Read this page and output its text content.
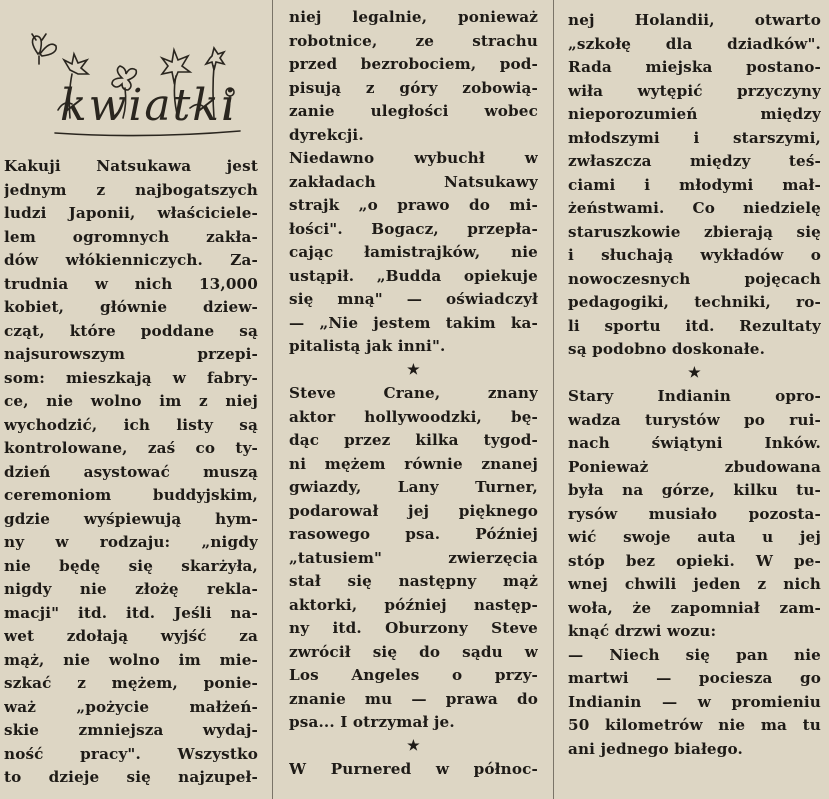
kwiatki
Kakuji Natsukawa jest
jednym z najbogatszych
ludzi Japonii, właściciele-
lem ogromnych zakła-
dów włókienniczych. Za-
trudnia w nich 13,000
kobiet, głównie dziew-
cząt, które poddane są
najsurowszym przepi-
som: mieszkają w fabry-
ce, nie wolno im z niej
wychodzić, ich listy są
kontrolowane, zaś co ty-
dzień asystować muszą
ceremoniom buddyjskim,
gdzie wyśpiewują hym-
ny w rodzaju: „nigdy
nie będę się skarżyła,
nigdy nie złożę rekla-
macji" itd. itd. Jeśli na-
wet zdołają wyjść za
mąż, nie wolno im mie-
szkać z mężem, ponie-
waż „pożycie małżeń-
skie zmniejsza wydaj-
ność pracy". Wszystko
to dzieje się najzupeł-
niej legalnie, ponieważ
robotnice, ze strachu
przed bezrobociem, pod-
pisują z góry zobowią-
zanie uległości wobec
dyrekcji.
Niedawno wybuchł w
zakładach Natsukawy
strajk „o prawo do mi-
łości". Bogacz, przepła-
cając łamistrajków, nie
ustąpił. „Budda opiekuje
się mną" — oświadczył
— „Nie jestem takim ka-
pitalistą jak inni".
★
Steve Crane, znany
aktor hollywoodzki, bę-
dąc przez kilka tygod-
ni mężem równie znanej
gwiazdy, Lany Turner,
podarował jej pięknego
rasowego psa. Później
„tatusiem" zwierzęcia
stał się następny mąż
aktorki, później następ-
ny itd. Oburzony Steve
zwrócił się do sądu w
Los Angeles o przy-
znanie mu — prawa do
psa... I otrzymał je.
★
W Purnered w północ-
nej Holandii, otwarto
„szkołę dla dziadków".
Rada miejska postano-
wiła wytępić przyczyny
nieporozumień między
młodszymi i starszymi,
zwłaszcza między teś-
ciami i młodymi mał-
żeństwami. Co niedzielę
staruszkowie zbierają się
i słuchają wykładów o
nowoczesnych pojęcach
pedagogiki, techniki, ro-
li sportu itd. Rezultaty
są podobno doskonałe.
★
Stary Indianin opro-
wadza turystów po rui-
nach świątyni Inków.
Ponieważ zbudowana
była na górze, kilku tu-
rysów musiało pozosta-
wić swoje auta u jej
stóp bez opieki. W pe-
wnej chwili jeden z nich
woła, że zapomniał zam-
knąć drzwi wozu:
— Niech się pan nie
martwi — pociesza go
Indianin — w promieniu
50 kilometrów nie ma tu
ani jednego białego.
